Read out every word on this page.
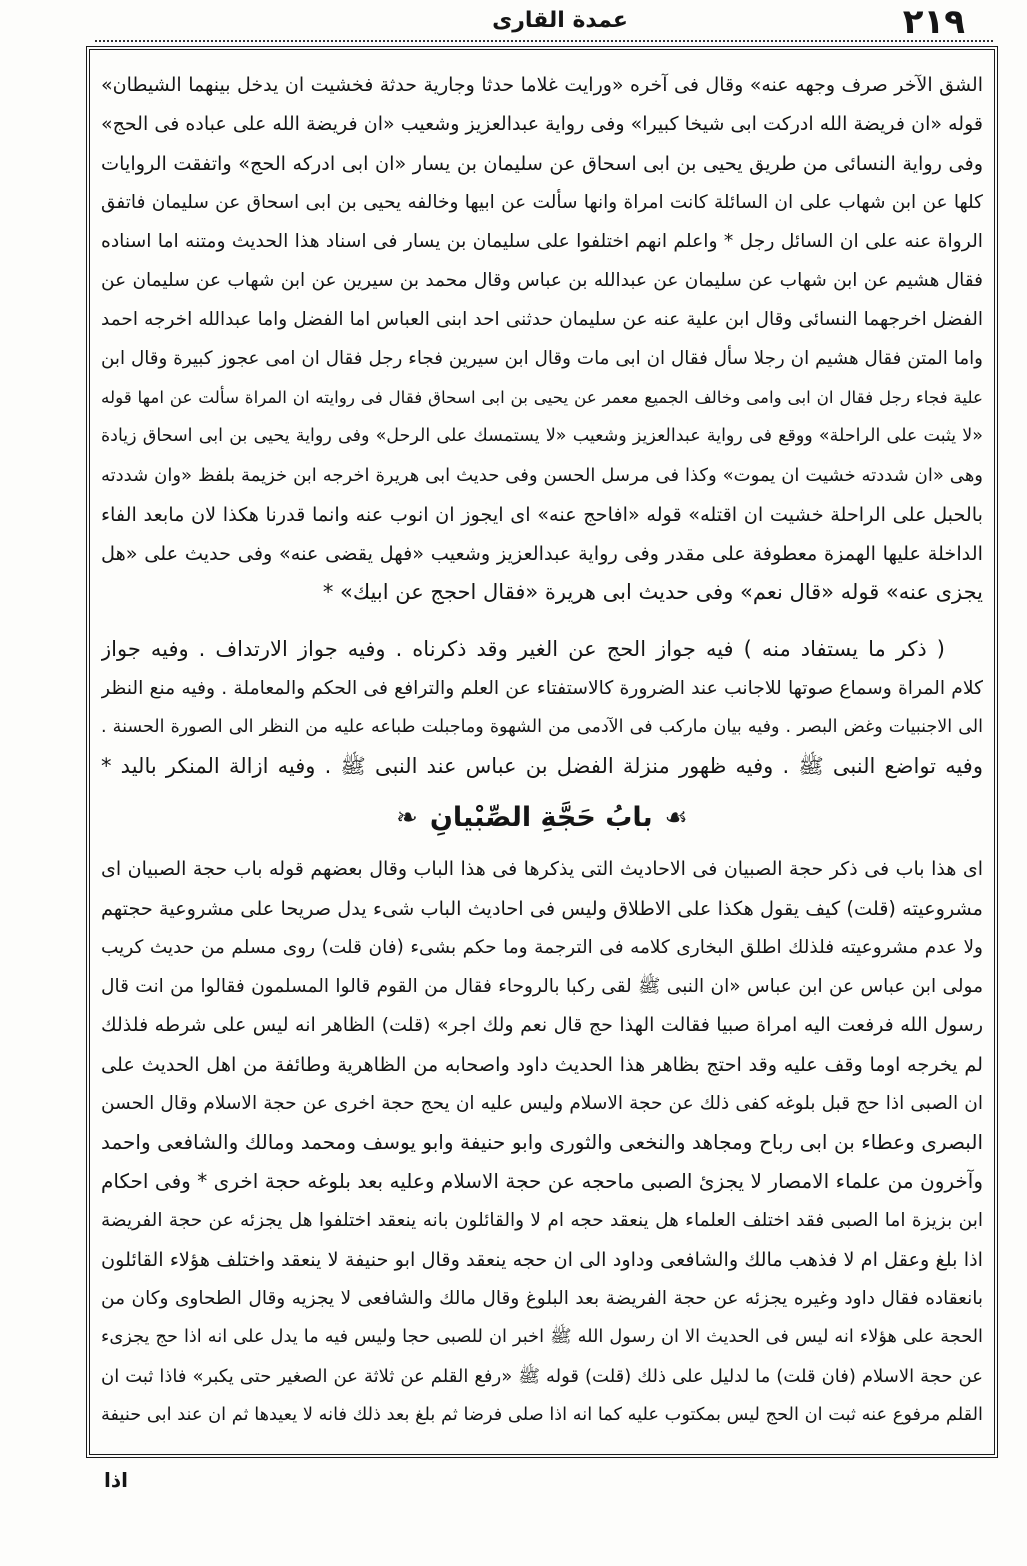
٢١٩
عمدة القارى
الشق الآخر صرف وجهه عنه» وقال فى آخره «ورايت غلاما حدثا وجارية حدثة فخشيت ان يدخل بينهما الشيطان»
قوله «ان فريضة الله ادركت ابى شيخا كبيرا» وفى رواية عبدالعزيز وشعيب «ان فريضة الله على عباده فى الحج»
وفى رواية النسائى من طريق يحيى بن ابى اسحاق عن سليمان بن يسار «ان ابى ادركه الحج» واتفقت الروايات
كلها عن ابن شهاب على ان السائلة كانت امراة وانها سألت عن ابيها وخالفه يحيى بن ابى اسحاق عن سليمان فاتفق
الرواة عنه على ان السائل رجل * واعلم انهم اختلفوا على سليمان بن يسار فى اسناد هذا الحديث ومتنه اما اسناده
فقال هشيم عن ابن شهاب عن سليمان عن عبدالله بن عباس وقال محمد بن سيرين عن ابن شهاب عن سليمان عن
الفضل اخرجهما النسائى وقال ابن علية عنه عن سليمان حدثنى احد ابنى العباس اما الفضل واما عبدالله اخرجه احمد
واما المتن فقال هشيم ان رجلا سأل فقال ان ابى مات وقال ابن سيرين فجاء رجل فقال ان امى عجوز كبيرة وقال ابن
علية فجاء رجل فقال ان ابى وامى وخالف الجميع معمر عن يحيى بن ابى اسحاق فقال فى روايته ان المراة سألت عن امها قوله
«لا يثبت على الراحلة» ووقع فى رواية عبدالعزيز وشعيب «لا يستمسك على الرحل» وفى رواية يحيى بن ابى اسحاق زيادة
وهى «ان شددته خشيت ان يموت» وكذا فى مرسل الحسن وفى حديث ابى هريرة اخرجه ابن خزيمة بلفظ «وان شددته
بالحبل على الراحلة خشيت ان اقتله» قوله «افاحج عنه» اى ايجوز ان انوب عنه وانما قدرنا هكذا لان مابعد الفاء
الداخلة عليها الهمزة معطوفة على مقدر وفى رواية عبدالعزيز وشعيب «فهل يقضى عنه» وفى حديث على «هل
يجزى عنه» قوله «قال نعم» وفى حديث ابى هريرة «فقال احجج عن ابيك» *
( ذكر ما يستفاد منه ) فيه جواز الحج عن الغير وقد ذكرناه . وفيه جواز الارتداف . وفيه جواز
كلام المراة وسماع صوتها للاجانب عند الضرورة كالاستفتاء عن العلم والترافع فى الحكم والمعاملة . وفيه منع النظر
الى الاجنبيات وغض البصر . وفيه بيان ماركب فى الآدمى من الشهوة وماجبلت طباعه عليه من النظر الى الصورة الحسنة .
وفيه تواضع النبى ﷺ . وفيه ظهور منزلة الفضل بن عباس عند النبى ﷺ . وفيه ازالة المنكر باليد *
☙
بابُ حَجَّةِ الصِّبْيانِ
❧
اى هذا باب فى ذكر حجة الصبيان فى الاحاديث التى يذكرها فى هذا الباب وقال بعضهم قوله باب حجة الصبيان اى
مشروعيته (قلت) كيف يقول هكذا على الاطلاق وليس فى احاديث الباب شىء يدل صريحا على مشروعية حجتهم
ولا عدم مشروعيته فلذلك اطلق البخارى كلامه فى الترجمة وما حكم بشىء (فان قلت) روى مسلم من حديث كريب
مولى ابن عباس عن ابن عباس «ان النبى ﷺ لقى ركبا بالروحاء فقال من القوم قالوا المسلمون فقالوا من انت قال
رسول الله فرفعت اليه امراة صبيا فقالت الهذا حج قال نعم ولك اجر» (قلت) الظاهر انه ليس على شرطه فلذلك
لم يخرجه اوما وقف عليه وقد احتج بظاهر هذا الحديث داود واصحابه من الظاهرية وطائفة من اهل الحديث على
ان الصبى اذا حج قبل بلوغه كفى ذلك عن حجة الاسلام وليس عليه ان يحج حجة اخرى عن حجة الاسلام وقال الحسن
البصرى وعطاء بن ابى رباح ومجاهد والنخعى والثورى وابو حنيفة وابو يوسف ومحمد ومالك والشافعى واحمد
وآخرون من علماء الامصار لا يجزئ الصبى ماحجه عن حجة الاسلام وعليه بعد بلوغه حجة اخرى * وفى احكام
ابن بزيزة اما الصبى فقد اختلف العلماء هل ينعقد حجه ام لا والقائلون بانه ينعقد اختلفوا هل يجزئه عن حجة الفريضة
اذا بلغ وعقل ام لا فذهب مالك والشافعى وداود الى ان حجه ينعقد وقال ابو حنيفة لا ينعقد واختلف هؤلاء القائلون
بانعقاده فقال داود وغيره يجزئه عن حجة الفريضة بعد البلوغ وقال مالك والشافعى لا يجزيه وقال الطحاوى وكان من
الحجة على هؤلاء انه ليس فى الحديث الا ان رسول الله ﷺ اخبر ان للصبى حجا وليس فيه ما يدل على انه اذا حج يجزىء
عن حجة الاسلام (فان قلت) ما لدليل على ذلك (قلت) قوله ﷺ «رفع القلم عن ثلاثة عن الصغير حتى يكبر» فاذا ثبت ان
القلم مرفوع عنه ثبت ان الحج ليس بمكتوب عليه كما انه اذا صلى فرضا ثم بلغ بعد ذلك فانه لا يعيدها ثم ان عند ابى حنيفة
اذا
